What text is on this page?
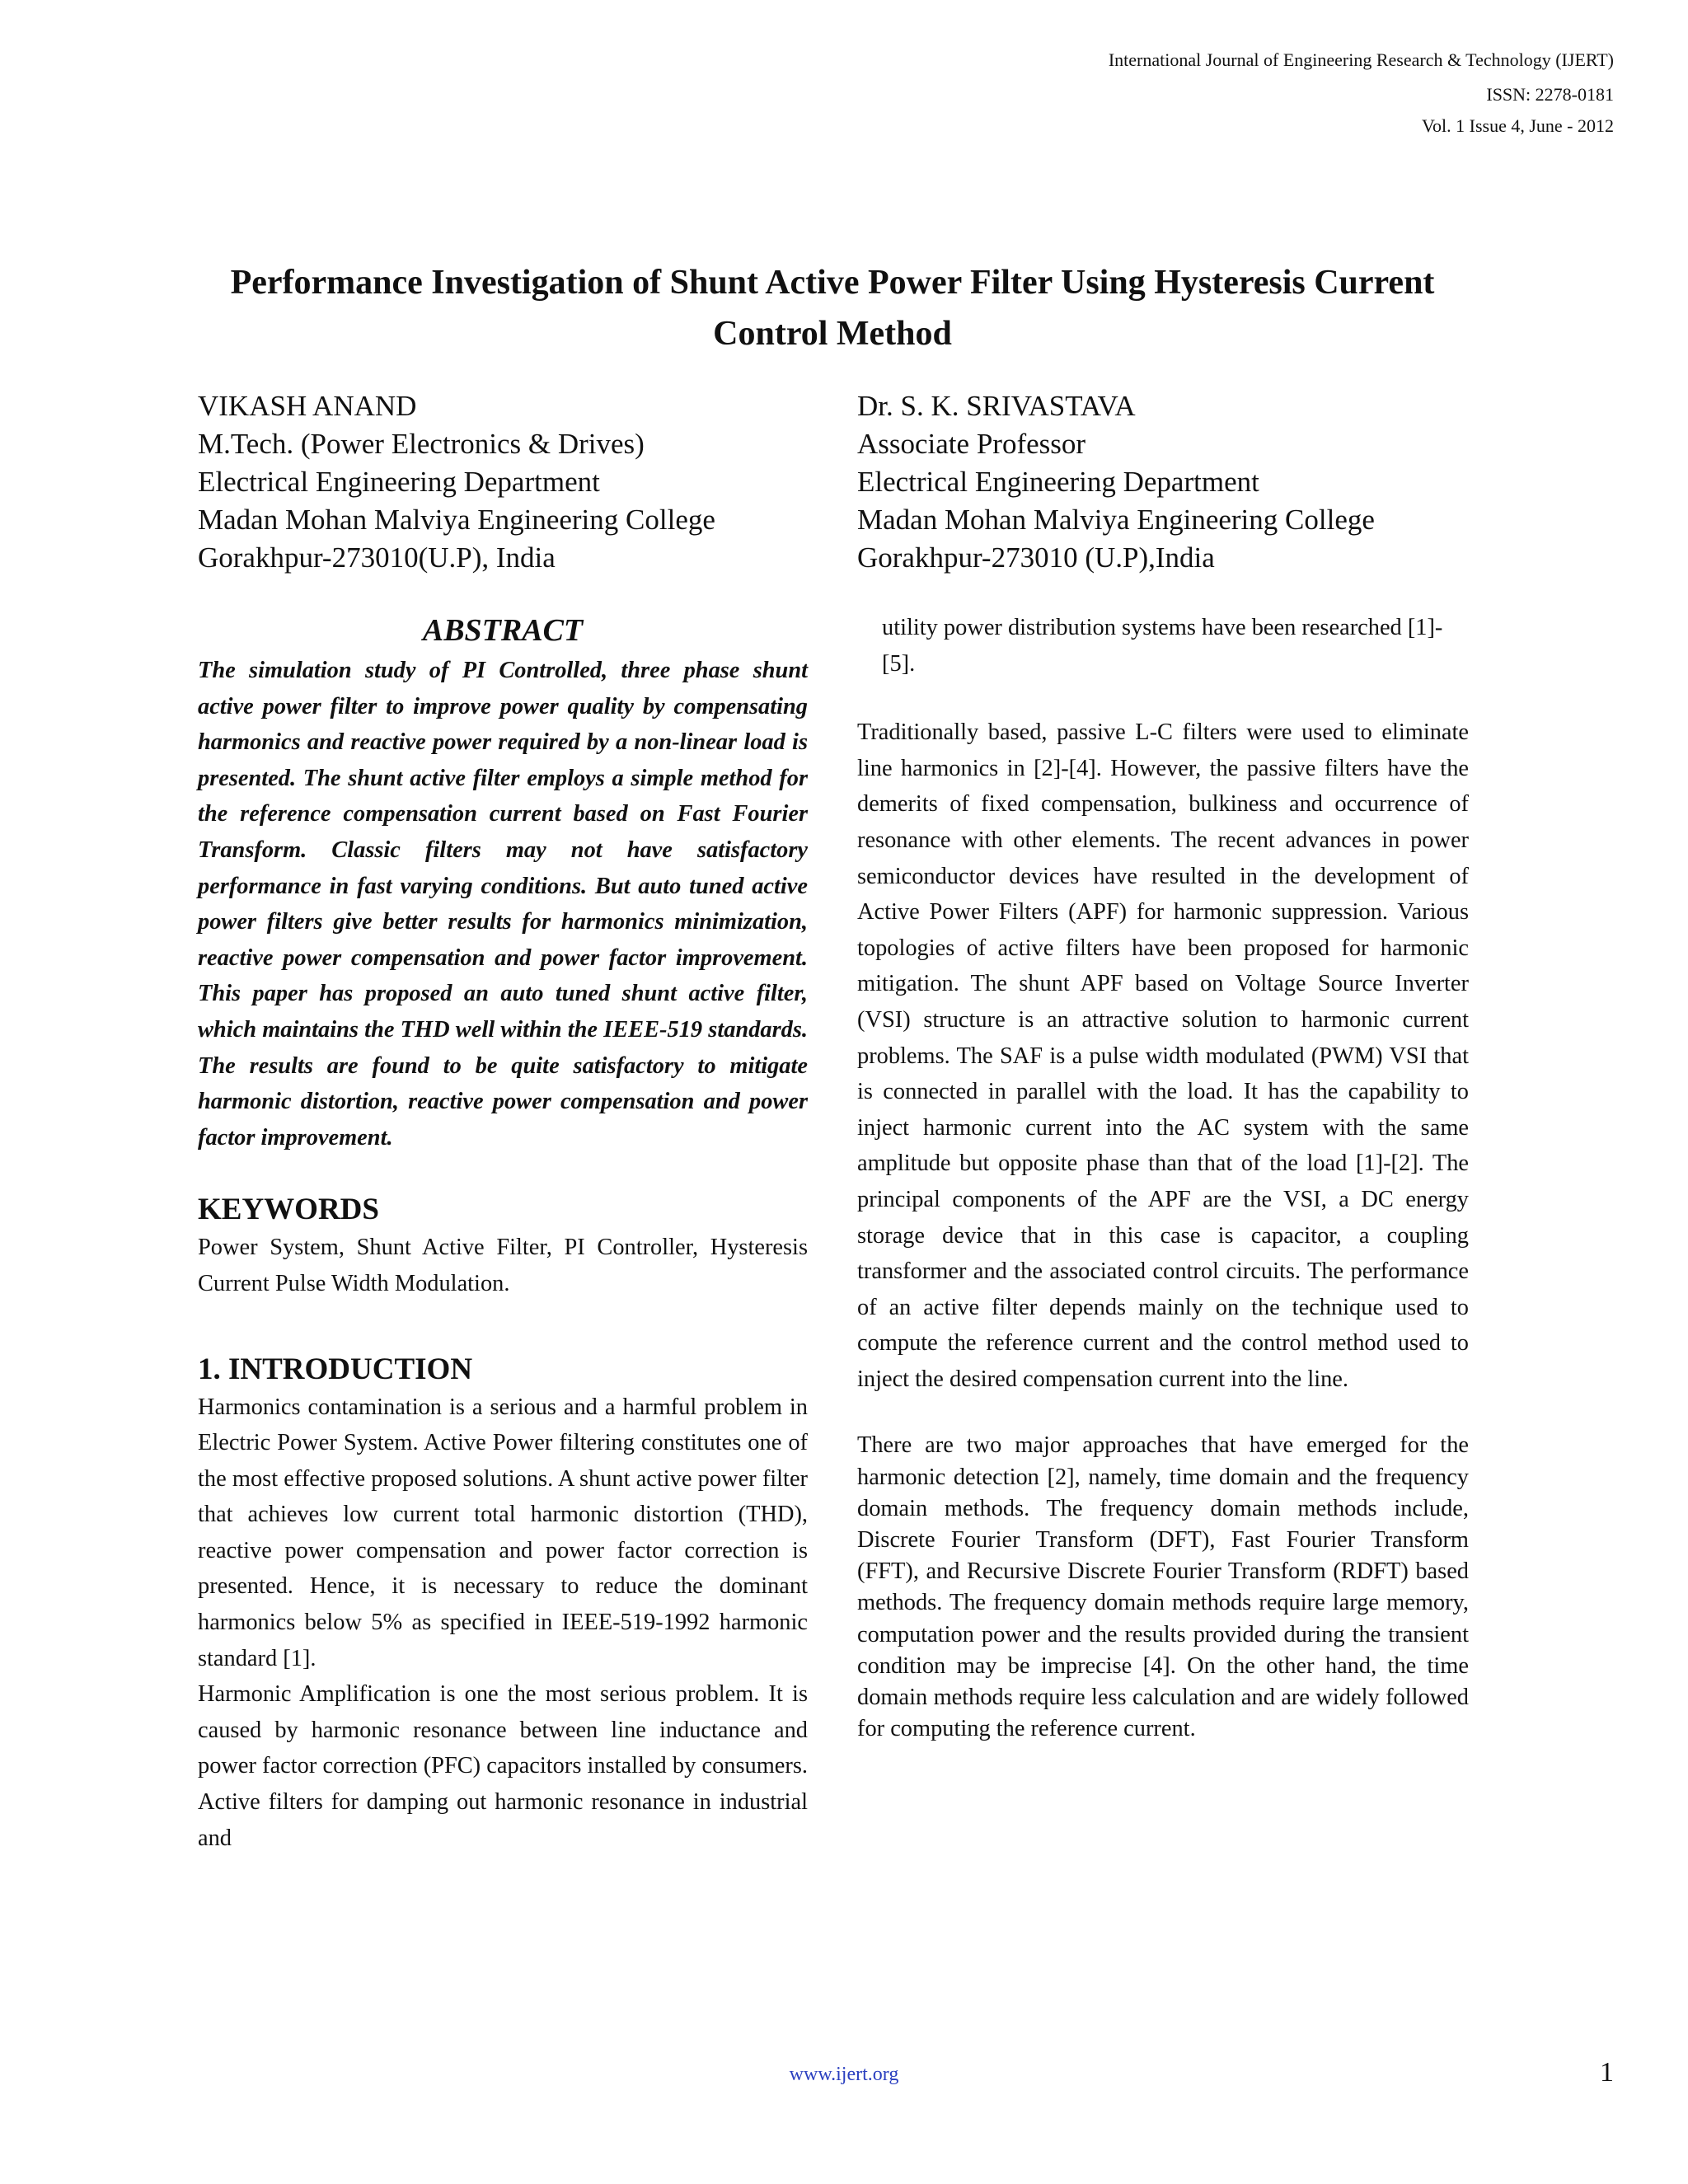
International Journal of Engineering Research & Technology (IJERT)
ISSN: 2278-0181
Vol. 1 Issue 4, June - 2012
Performance Investigation of Shunt Active Power Filter Using Hysteresis Current Control Method
VIKASH ANAND
M.Tech. (Power Electronics & Drives)
Electrical Engineering Department
Madan Mohan Malviya Engineering College
Gorakhpur-273010(U.P), India
Dr. S. K. SRIVASTAVA
Associate Professor
Electrical Engineering Department
Madan Mohan Malviya Engineering College
Gorakhpur-273010 (U.P),India
ABSTRACT

The simulation study of PI Controlled, three phase shunt active power filter to improve power quality by compensating harmonics and reactive power required by a non-linear load is presented. The shunt active filter employs a simple method for the reference compensation current based on Fast Fourier Transform. Classic filters may not have satisfactory performance in fast varying conditions. But auto tuned active power filters give better results for harmonics minimization, reactive power compensation and power factor improvement. This paper has proposed an auto tuned shunt active filter, which maintains the THD well within the IEEE-519 standards. The results are found to be quite satisfactory to mitigate harmonic distortion, reactive power compensation and power factor improvement.

KEYWORDS

Power System, Shunt Active Filter, PI Controller, Hysteresis Current Pulse Width Modulation.

1. INTRODUCTION

Harmonics contamination is a serious and a harmful problem in Electric Power System. Active Power filtering constitutes one of the most effective proposed solutions. A shunt active power filter that achieves low current total harmonic distortion (THD), reactive power compensation and power factor correction is presented. Hence, it is necessary to reduce the dominant harmonics below 5% as specified in IEEE-519-1992 harmonic standard [1].

Harmonic Amplification is one the most serious problem. It is caused by harmonic resonance between line inductance and power factor correction (PFC) capacitors installed by consumers. Active filters for damping out harmonic resonance in industrial and

utility power distribution systems have been researched [1]-[5].

Traditionally based, passive L-C filters were used to eliminate line harmonics in [2]-[4]. However, the passive filters have the demerits of fixed compensation, bulkiness and occurrence of resonance with other elements. The recent advances in power semiconductor devices have resulted in the development of Active Power Filters (APF) for harmonic suppression. Various topologies of active filters have been proposed for harmonic mitigation. The shunt APF based on Voltage Source Inverter (VSI) structure is an attractive solution to harmonic current problems. The SAF is a pulse width modulated (PWM) VSI that is connected in parallel with the load. It has the capability to inject harmonic current into the AC system with the same amplitude but opposite phase than that of the load [1]-[2]. The principal components of the APF are the VSI, a DC energy storage device that in this case is capacitor, a coupling transformer and the associated control circuits. The performance of an active filter depends mainly on the technique used to compute the reference current and the control method used to inject the desired compensation current into the line.

There are two major approaches that have emerged for the harmonic detection [2], namely, time domain and the frequency domain methods. The frequency domain methods include, Discrete Fourier Transform (DFT), Fast Fourier Transform (FFT), and Recursive Discrete Fourier Transform (RDFT) based methods. The frequency domain methods require large memory, computation power and the results provided during the transient condition may be imprecise [4]. On the other hand, the time domain methods require less calculation and are widely followed for computing the reference current.

www.ijert.org	1
